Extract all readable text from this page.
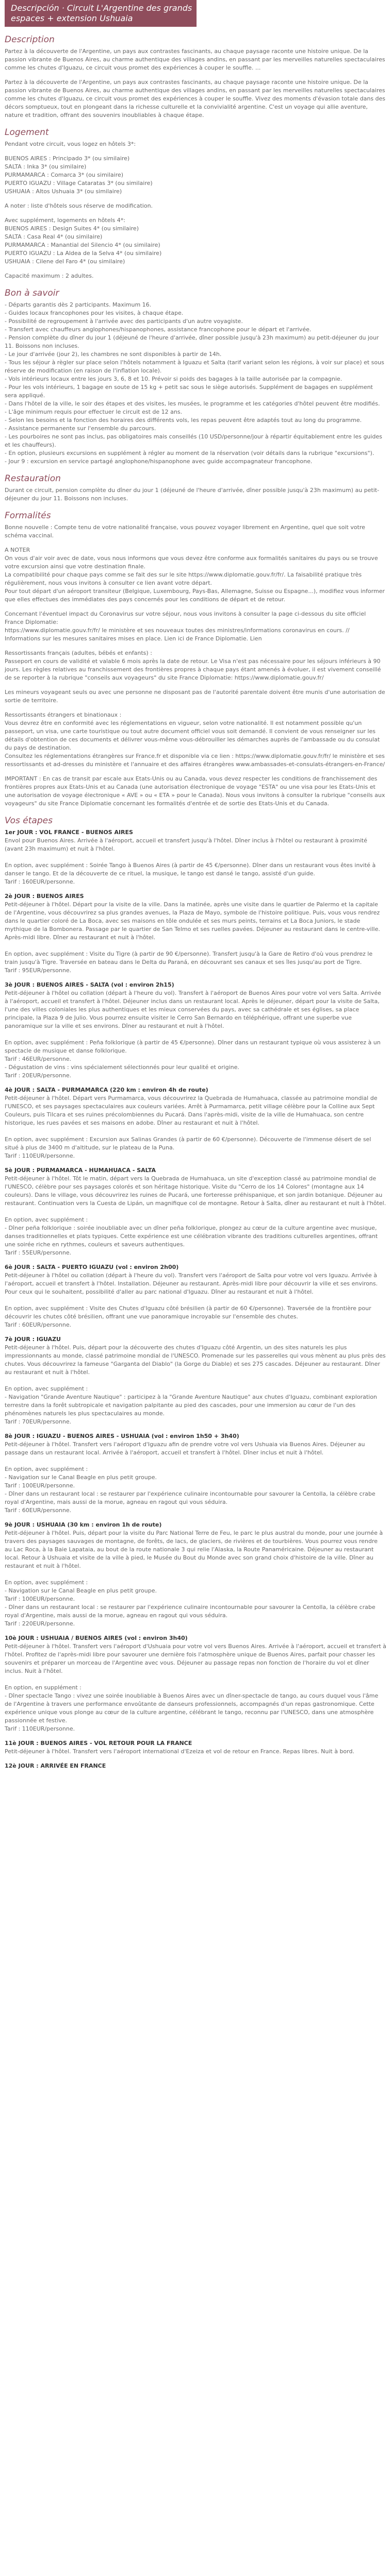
Descripción · Circuit L'Argentine des grands espaces + extension Ushuaia
Description

Partez à la découverte de l'Argentine, un pays aux contrastes fascinants, au chaque paysage raconte une histoire unique. De la passion vibrante de Buenos Aires, au charme authentique des villages andins, en passant par les merveilles naturelles spectaculaires comme les chutes d'Iguazu, ce circuit vous promet des expériences à couper le souffle. ...

Partez à la découverte de l'Argentine, un pays aux contrastes fascinants, au chaque paysage raconte une histoire unique. De la passion vibrante de Buenos Aires, au charme authentique des villages andins, en passant par les merveilles naturelles spectaculaires comme les chutes d'Iguazu, ce circuit vous promet des expériences à couper le souffle. Vivez des moments d'évasion totale dans des décors somptueux, tout en plongeant dans la richesse culturelle et la convivialité argentine. C'est un voyage qui allie aventure, nature et tradition, offrant des souvenirs inoubliables à chaque étape.

Logement

Pendant votre circuit, vous logez en hôtels 3*:

BUENOS AIRES : Principado 3* (ou similaire)
SALTA : Inka 3* (ou similaire)
PURMAMARCA : Comarca 3* (ou similaire)
PUERTO IGUAZU : Village Cataratas 3* (ou similaire)
USHUAIA : Altos Ushuaia 3* (ou similaire)

A noter : liste d'hôtels sous réserve de modification.

Avec supplément, logements en hôtels 4*:
BUENOS AIRES : Design Suites 4* (ou similaire)
SALTA : Casa Real 4* (ou similaire)
PURMAMARCA : Manantial del Silencio 4* (ou similaire)
PUERTO IGUAZU : La Aldea de la Selva 4* (ou similaire)
USHUAIA : Cilene del Faro 4* (ou similaire)

Capacité maximum : 2 adultes.

Bon à savoir

- Départs garantis dès 2 participants. Maximum 16.
- Guides locaux francophones pour les visites, à chaque étape.
- Possibilité de regroupement à l'arrivée avec des participants d'un autre voyagiste.
- Transfert avec chauffeurs anglophones/hispanophones, assistance francophone pour le départ et l'arrivée.
- Pension complète du dîner du jour 1 (déjeuné de l'heure d'arrivée, dîner possible jusqu'à 23h maximum) au petit-déjeuner du jour 11. Boissons non incluses.
- Le jour d'arrivée (jour 2), les chambres ne sont disponibles à partir de 14h.
- Tous les séjour à règler sur place selon l'hôtels notamment à Iguazu et Salta (tarif variant selon les régions, à voir sur place) et sous réserve de modification (en raison de l'inflation locale).
- Vols intérieurs locaux entre les jours 3, 6, 8 et 10. Prévoir si poids des bagages à la taille autorisée par la compagnie.
- Pour les vols intérieurs, 1 bagage en soute de 15 kg + petit sac sous le siège autorisés. Supplément de bagages en supplément sera appliqué.
- Dans l'hôtel de la ville, le soir des étapes et des visites, les musées, le programme et les catégories d'hôtel peuvent être modifiés.
- L'âge minimum requis pour effectuer le circuit est de 12 ans.
- Selon les besoins et la fonction des horaires des différents vols, les repas peuvent être adaptés tout au long du programme.
- Assistance permanente sur l'ensemble du parcours.
- Les pourboires ne sont pas inclus, pas obligatoires mais conseillés (10 USD/personne/jour à répartir équitablement entre les guides et les chauffeurs).
- En option, plusieurs excursions en supplément à régler au moment de la réservation (voir détails dans la rubrique "excursions").
- Jour 9 : excursion en service partagé anglophone/hispanophone avec guide accompagnateur francophone.

Restauration

Durant ce circuit, pension complète du dîner du jour 1 (déjeuné de l'heure d'arrivée, dîner possible jusqu'à 23h maximum) au petit-déjeuner du jour 11. Boissons non incluses.

Formalités

Bonne nouvelle : Compte tenu de votre nationalité française, vous pouvez voyager librement en Argentine, quel que soit votre schéma vaccinal.

A NOTER
On vous d'air voir avec de date, vous nous informons que vous devez être conforme aux formalités sanitaires du pays ou se trouve votre excursion ainsi que votre destination finale.
La compatibilité pour chaque pays comme se fait des sur le site https://www.diplomatie.gouv.fr/fr/. La faisabilité pratique très régulièrement, nous vous invitons à consulter ce lien avant votre départ.
Pour tout départ d'un aéroport transiteur (Belgique, Luxembourg, Pays-Bas, Allemagne, Suisse ou Espagne...), modifiez vous informer que elles effectues des immédiates des pays concernés pour les conditions de départ et de retour.

Concernant l'éventuel impact du Coronavirus sur votre séjour, nous vous invitons à consulter la page ci-dessous du site officiel France Diplomatie:
https://www.diplomatie.gouv.fr/fr/ le ministère et ses nouveaux toutes des ministres/informations coronavirus en cours. // Informations sur les mesures sanitaires mises en place. Lien ici de France Diplomatie. Lien

Ressortissants français (adultes, bébés et enfants) :
Passeport en cours de validité et valable 6 mois après la date de retour. Le Visa n'est pas nécessaire pour les séjours inférieurs à 90 jours. Les règles relatives au franchissement des frontières propres à chaque pays étant amenés à évoluer, il est vivement conseillé de se reporter à la rubrique "conseils aux voyageurs" du site France Diplomatie: https://www.diplomatie.gouv.fr/

Les mineurs voyageant seuls ou avec une personne ne disposant pas de l'autorité parentale doivent être munis d'une autorisation de sortie de territoire.

Ressortissants étrangers et binationaux :
Vous devrez être en conformité avec les réglementations en vigueur, selon votre nationalité. Il est notamment possible qu'un passeport, un visa, une carte touristique ou tout autre document officiel vous soit demandé. Il convient de vous renseigner sur les détails d'obtention de ces documents et délivrer vous-même vous-débrouiller les démarches auprès de l'ambassade ou du consulat du pays de destination.
Consultez les réglementations étrangères sur France.fr et disponible via ce lien : https://www.diplomatie.gouv.fr/fr/ le ministère et ses ressortissants et ad-dresses du ministère et l'annuaire et des affaires étrangères www.ambassades-et-consulats-étrangers-en-France/

IMPORTANT : En cas de transit par escale aux Etats-Unis ou au Canada, vous devez respecter les conditions de franchissement des frontières propres aux Etats-Unis et au Canada (une autorisation électronique de voyage "ESTA" ou une visa pour les Etats-Unis et une autorisation de voyage électronique « AVE » ou « ETA » pour le Canada). Nous vous invitons à consulter la rubrique "conseils aux voyageurs" du site France Diplomatie concernant les formalités d'entrée et de sortie des Etats-Unis et du Canada.

Vos étapes
1er JOUR : VOL FRANCE - BUENOS AIRES
Envol pour Buenos Aires. Arrivée à l'aéroport, accueil et transfert jusqu'à l'hôtel. Dîner inclus à l'hôtel ou restaurant à proximité (avant 23h maximum) et nuit à l'hôtel.

En option, avec supplément : Soirée Tango à Buenos Aires (à partir de 45 €/personne). Dîner dans un restaurant vous êtes invité à danser le tango. Et de la découverte de ce rituel, la musique, le tango est dansé le tango, assisté d'un guide.
Tarif : 160EUR/personne.
2è JOUR : BUENOS AIRES
Petit-déjeuner à l'hôtel. Départ pour la visite de la ville. Dans la matinée, après une visite dans le quartier de Palermo et la capitale de l'Argentine, vous découvrirez sa plus grandes avenues, la Plaza de Mayo, symbole de l'histoire politique. Puis, vous vous rendrez dans le quartier coloré de La Boca, avec ses maisons en tôle ondulée et ses murs peints, terrains et La Boca Juniors, le stade mythique de la Bombonera. Passage par le quartier de San Telmo et ses ruelles pavées. Déjeuner au restaurant dans le centre-ville. Après-midi libre. Dîner au restaurant et nuit à l'hôtel.

En option, avec supplément : Visite du Tigre (à partir de 90 €/personne). Transfert jusqu'à la Gare de Retiro d'où vous prendrez le train jusqu'à Tigre. Traversée en bateau dans le Delta du Paraná, en découvrant ses canaux et ses îles jusqu'au port de Tigre.
Tarif : 95EUR/personne.
3è JOUR : BUENOS AIRES - SALTA (vol : environ 2h15)
Petit-déjeuner à l'hôtel ou collation (départ à l'heure du vol). Transfert à l'aéroport de Buenos Aires pour votre vol vers Salta. Arrivée à l'aéroport, accueil et transfert à l'hôtel. Déjeuner inclus dans un restaurant local. Après le déjeuner, départ pour la visite de Salta, l'une des villes coloniales les plus authentiques et les mieux conservées du pays, avec sa cathédrale et ses églises, sa place principale, la Plaza 9 de Julio. Vous pourrez ensuite visiter le Cerro San Bernardo en téléphérique, offrant une superbe vue panoramique sur la ville et ses environs. Dîner au restaurant et nuit à l'hôtel.

En option, avec supplément : Peña folklorique (à partir de 45 €/personne). Dîner dans un restaurant typique où vous assisterez à un spectacle de musique et danse folklorique.
Tarif : 46EUR/personne.
- Dégustation de vins : vins spécialement sélectionnés pour leur qualité et origine.
Tarif : 20EUR/personne.
4è JOUR : SALTA - PURMAMARCA (220 km : environ 4h de route)
Petit-déjeuner à l'hôtel. Départ vers Purmamarca, vous découvrirez la Quebrada de Humahuaca, classée au patrimoine mondial de l'UNESCO, et ses paysages spectaculaires aux couleurs variées. Arrêt à Purmamarca, petit village célèbre pour la Colline aux Sept Couleurs, puis Tilcara et ses ruines précolombiennes du Pucará. Dans l'après-midi, visite de la ville de Humahuaca, son centre historique, les rues pavées et ses maisons en adobe. Dîner au restaurant et nuit à l'hôtel.

En option, avec supplément : Excursion aux Salinas Grandes (à partir de 60 €/personne). Découverte de l'immense désert de sel situé à plus de 3400 m d'altitude, sur le plateau de la Puna.
Tarif : 110EUR/personne.
5è JOUR : PURMAMARCA - HUMAHUACA - SALTA
Petit-déjeuner à l'hôtel. Tôt le matin, départ vers la Quebrada de Humahuaca, un site d'exception classé au patrimoine mondial de l'UNESCO, célèbre pour ses paysages colorés et son héritage historique. Visite du "Cerro de los 14 Colores" (montagne aux 14 couleurs). Dans le village, vous découvrirez les ruines de Pucará, une forteresse préhispanique, et son jardin botanique. Déjeuner au restaurant. Continuation vers la Cuesta de Lipán, un magnifique col de montagne. Retour à Salta, dîner au restaurant et nuit à l'hôtel.

En option, avec supplément :
- Dîner peña folklorique : soirée inoubliable avec un dîner peña folklorique, plongez au cœur de la culture argentine avec musique, danses traditionnelles et plats typiques. Cette expérience est une célébration vibrante des traditions culturelles argentines, offrant une soirée riche en rythmes, couleurs et saveurs authentiques.
Tarif : 55EUR/personne.
6è JOUR : SALTA - PUERTO IGUAZU (vol : environ 2h00)
Petit-déjeuner à l'hôtel ou collation (départ à l'heure du vol). Transfert vers l'aéroport de Salta pour votre vol vers Iguazu. Arrivée à l'aéroport, accueil et transfert à l'hôtel. Installation. Déjeuner au restaurant. Après-midi libre pour découvrir la ville et ses environs. Pour ceux qui le souhaitent, possibilité d'aller au parc national d'Iguazu. Dîner au restaurant et nuit à l'hôtel.

En option, avec supplément : Visite des Chutes d'Iguazu côté brésilien (à partir de 60 €/personne). Traversée de la frontière pour découvrir les chutes côté brésilien, offrant une vue panoramique incroyable sur l'ensemble des chutes.
Tarif : 60EUR/personne.
7è JOUR : IGUAZU
Petit-déjeuner à l'hôtel. Puis, départ pour la découverte des chutes d'Iguazu côté Argentin, un des sites naturels les plus impressionnants au monde, classé patrimoine mondial de l'UNESCO. Promenade sur les passerelles qui vous mènent au plus près des chutes. Vous découvrirez la fameuse "Garganta del Diablo" (la Gorge du Diable) et ses 275 cascades. Déjeuner au restaurant. Dîner au restaurant et nuit à l'hôtel.

En option, avec supplément :
- Navigation "Grande Aventure Nautique" : participez à la "Grande Aventure Nautique" aux chutes d'Iguazu, combinant exploration terrestre dans la forêt subtropicale et navigation palpitante au pied des cascades, pour une immersion au cœur de l'un des phénomènes naturels les plus spectaculaires au monde.
Tarif : 70EUR/personne.
8è JOUR : IGUAZU - BUENOS AIRES - USHUAIA (vol : environ 1h50 + 3h40)
Petit-déjeuner à l'hôtel. Transfert vers l'aéroport d'Iguazu afin de prendre votre vol vers Ushuaia via Buenos Aires. Déjeuner au passage dans un restaurant local. Arrivée à l'aéroport, accueil et transfert à l'hôtel. Dîner inclus et nuit à l'hôtel.

En option, avec supplément :
- Navigation sur le Canal Beagle en plus petit groupe.
Tarif : 100EUR/personne.
- Dîner dans un restaurant local : se restaurer par l'expérience culinaire incontournable pour savourer la Centolla, la célèbre crabe royal d'Argentine, mais aussi de la morue, agneau en ragout qui vous séduira.
Tarif : 60EUR/personne.
9è JOUR : USHUAIA (30 km : environ 1h de route)
Petit-déjeuner à l'hôtel. Puis, départ pour la visite du Parc National Terre de Feu, le parc le plus austral du monde, pour une journée à travers des paysages sauvages de montagne, de forêts, de lacs, de glaciers, de rivières et de tourbières. Vous pourrez vous rendre au Lac Roca, à la Baie Lapataia, au bout de la route nationale 3 qui relie l'Alaska, la Route Panaméricaine. Déjeuner au restaurant local. Retour à Ushuaia et visite de la ville à pied, le Musée du Bout du Monde avec son grand choix d'histoire de la ville. Dîner au restaurant et nuit à l'hôtel.

En option, avec supplément :
- Navigation sur le Canal Beagle en plus petit groupe.
Tarif : 100EUR/personne.
- Dîner dans un restaurant local : se restaurer par l'expérience culinaire incontournable pour savourer la Centolla, la célèbre crabe royal d'Argentine, mais aussi de la morue, agneau en ragout qui vous séduira.
Tarif : 220EUR/personne.
10è JOUR : USHUAIA / BUENOS AIRES (vol : environ 3h40)
Petit-déjeuner à l'hôtel. Transfert vers l'aéroport d'Ushuaia pour votre vol vers Buenos Aires. Arrivée à l'aéroport, accueil et transfert à l'hôtel. Profitez de l'après-midi libre pour savourer une dernière fois l'atmosphère unique de Buenos Aires, parfait pour chasser les souvenirs et préparer un morceau de l'Argentine avec vous. Déjeuner au passage repas non fonction de l'horaire du vol et dîner inclus. Nuit à l'hôtel.

En option, en supplément :
- Dîner spectacle Tango : vivez une soirée inoubliable à Buenos Aires avec un dîner-spectacle de tango, au cours duquel vous l'âme de l'Argentine à travers une performance envoûtante de danseurs professionnels, accompagnés d'un repas gastronomique. Cette expérience unique vous plonge au cœur de la culture argentine, célébrant le tango, reconnu par l'UNESCO, dans une atmosphère passionnée et festive.
Tarif : 110EUR/personne.
11è JOUR : BUENOS AIRES - VOL RETOUR POUR LA FRANCE
Petit-déjeuner à l'hôtel. Transfert vers l'aéroport international d'Ezeiza et vol de retour en France. Repas libres. Nuit à bord.
12è JOUR : ARRIVÉE EN FRANCE
